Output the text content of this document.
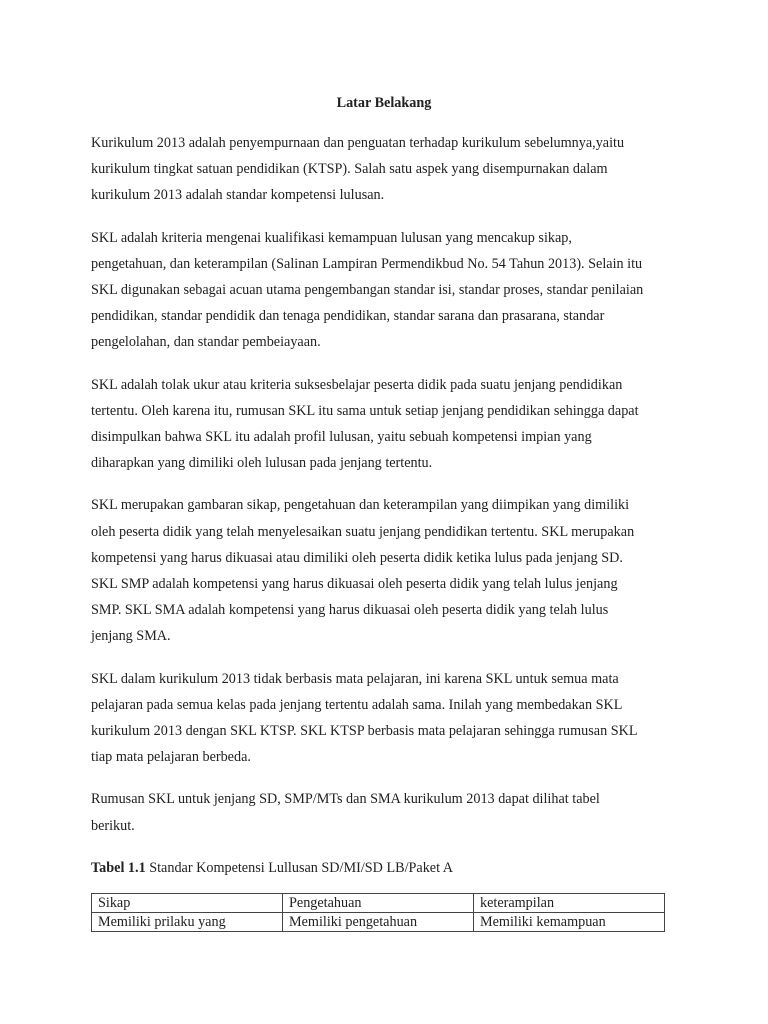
Latar Belakang

Kurikulum 2013 adalah penyempurnaan dan penguatan terhadap kurikulum sebelumnya,yaitu
kurikulum tingkat satuan pendidikan (KTSP). Salah satu aspek yang disempurnakan dalam
kurikulum 2013 adalah standar kompetensi lulusan.

SKL adalah kriteria mengenai kualifikasi kemampuan lulusan yang mencakup sikap,
pengetahuan, dan keterampilan (Salinan Lampiran Permendikbud No. 54 Tahun 2013). Selain itu
SKL digunakan sebagai acuan utama pengembangan standar isi, standar proses, standar penilaian
pendidikan, standar pendidik dan tenaga pendidikan, standar sarana dan prasarana, standar
pengelolahan, dan standar pembeiayaan.

SKL adalah tolak ukur atau kriteria suksesbelajar peserta didik pada suatu jenjang pendidikan
tertentu. Oleh karena itu, rumusan SKL itu sama untuk setiap jenjang pendidikan sehingga dapat
disimpulkan bahwa SKL itu adalah profil lulusan, yaitu sebuah kompetensi impian yang
diharapkan yang dimiliki oleh lulusan pada jenjang tertentu.

SKL merupakan gambaran sikap, pengetahuan dan keterampilan yang diimpikan yang dimiliki
oleh peserta didik yang telah menyelesaikan suatu jenjang pendidikan tertentu. SKL merupakan
kompetensi yang harus dikuasai atau dimiliki oleh peserta didik ketika lulus pada jenjang SD.
SKL SMP adalah kompetensi yang harus dikuasai oleh peserta didik yang telah lulus jenjang
SMP. SKL SMA adalah kompetensi yang harus dikuasai oleh peserta didik yang telah lulus
jenjang SMA.

SKL dalam kurikulum 2013 tidak berbasis mata pelajaran, ini karena SKL untuk semua mata
pelajaran pada semua kelas pada jenjang tertentu adalah sama. Inilah yang membedakan SKL
kurikulum 2013 dengan SKL KTSP. SKL KTSP berbasis mata pelajaran sehingga rumusan SKL
tiap mata pelajaran berbeda.

Rumusan SKL untuk jenjang SD, SMP/MTs dan SMA kurikulum 2013 dapat dilihat tabel
berikut.

Tabel 1.1 Standar Kompetensi Lullusan SD/MI/SD LB/Paket A

Sikap	Pengetahuan	keterampilan
Memiliki prilaku yang	Memiliki pengetahuan	Memiliki kemampuan
